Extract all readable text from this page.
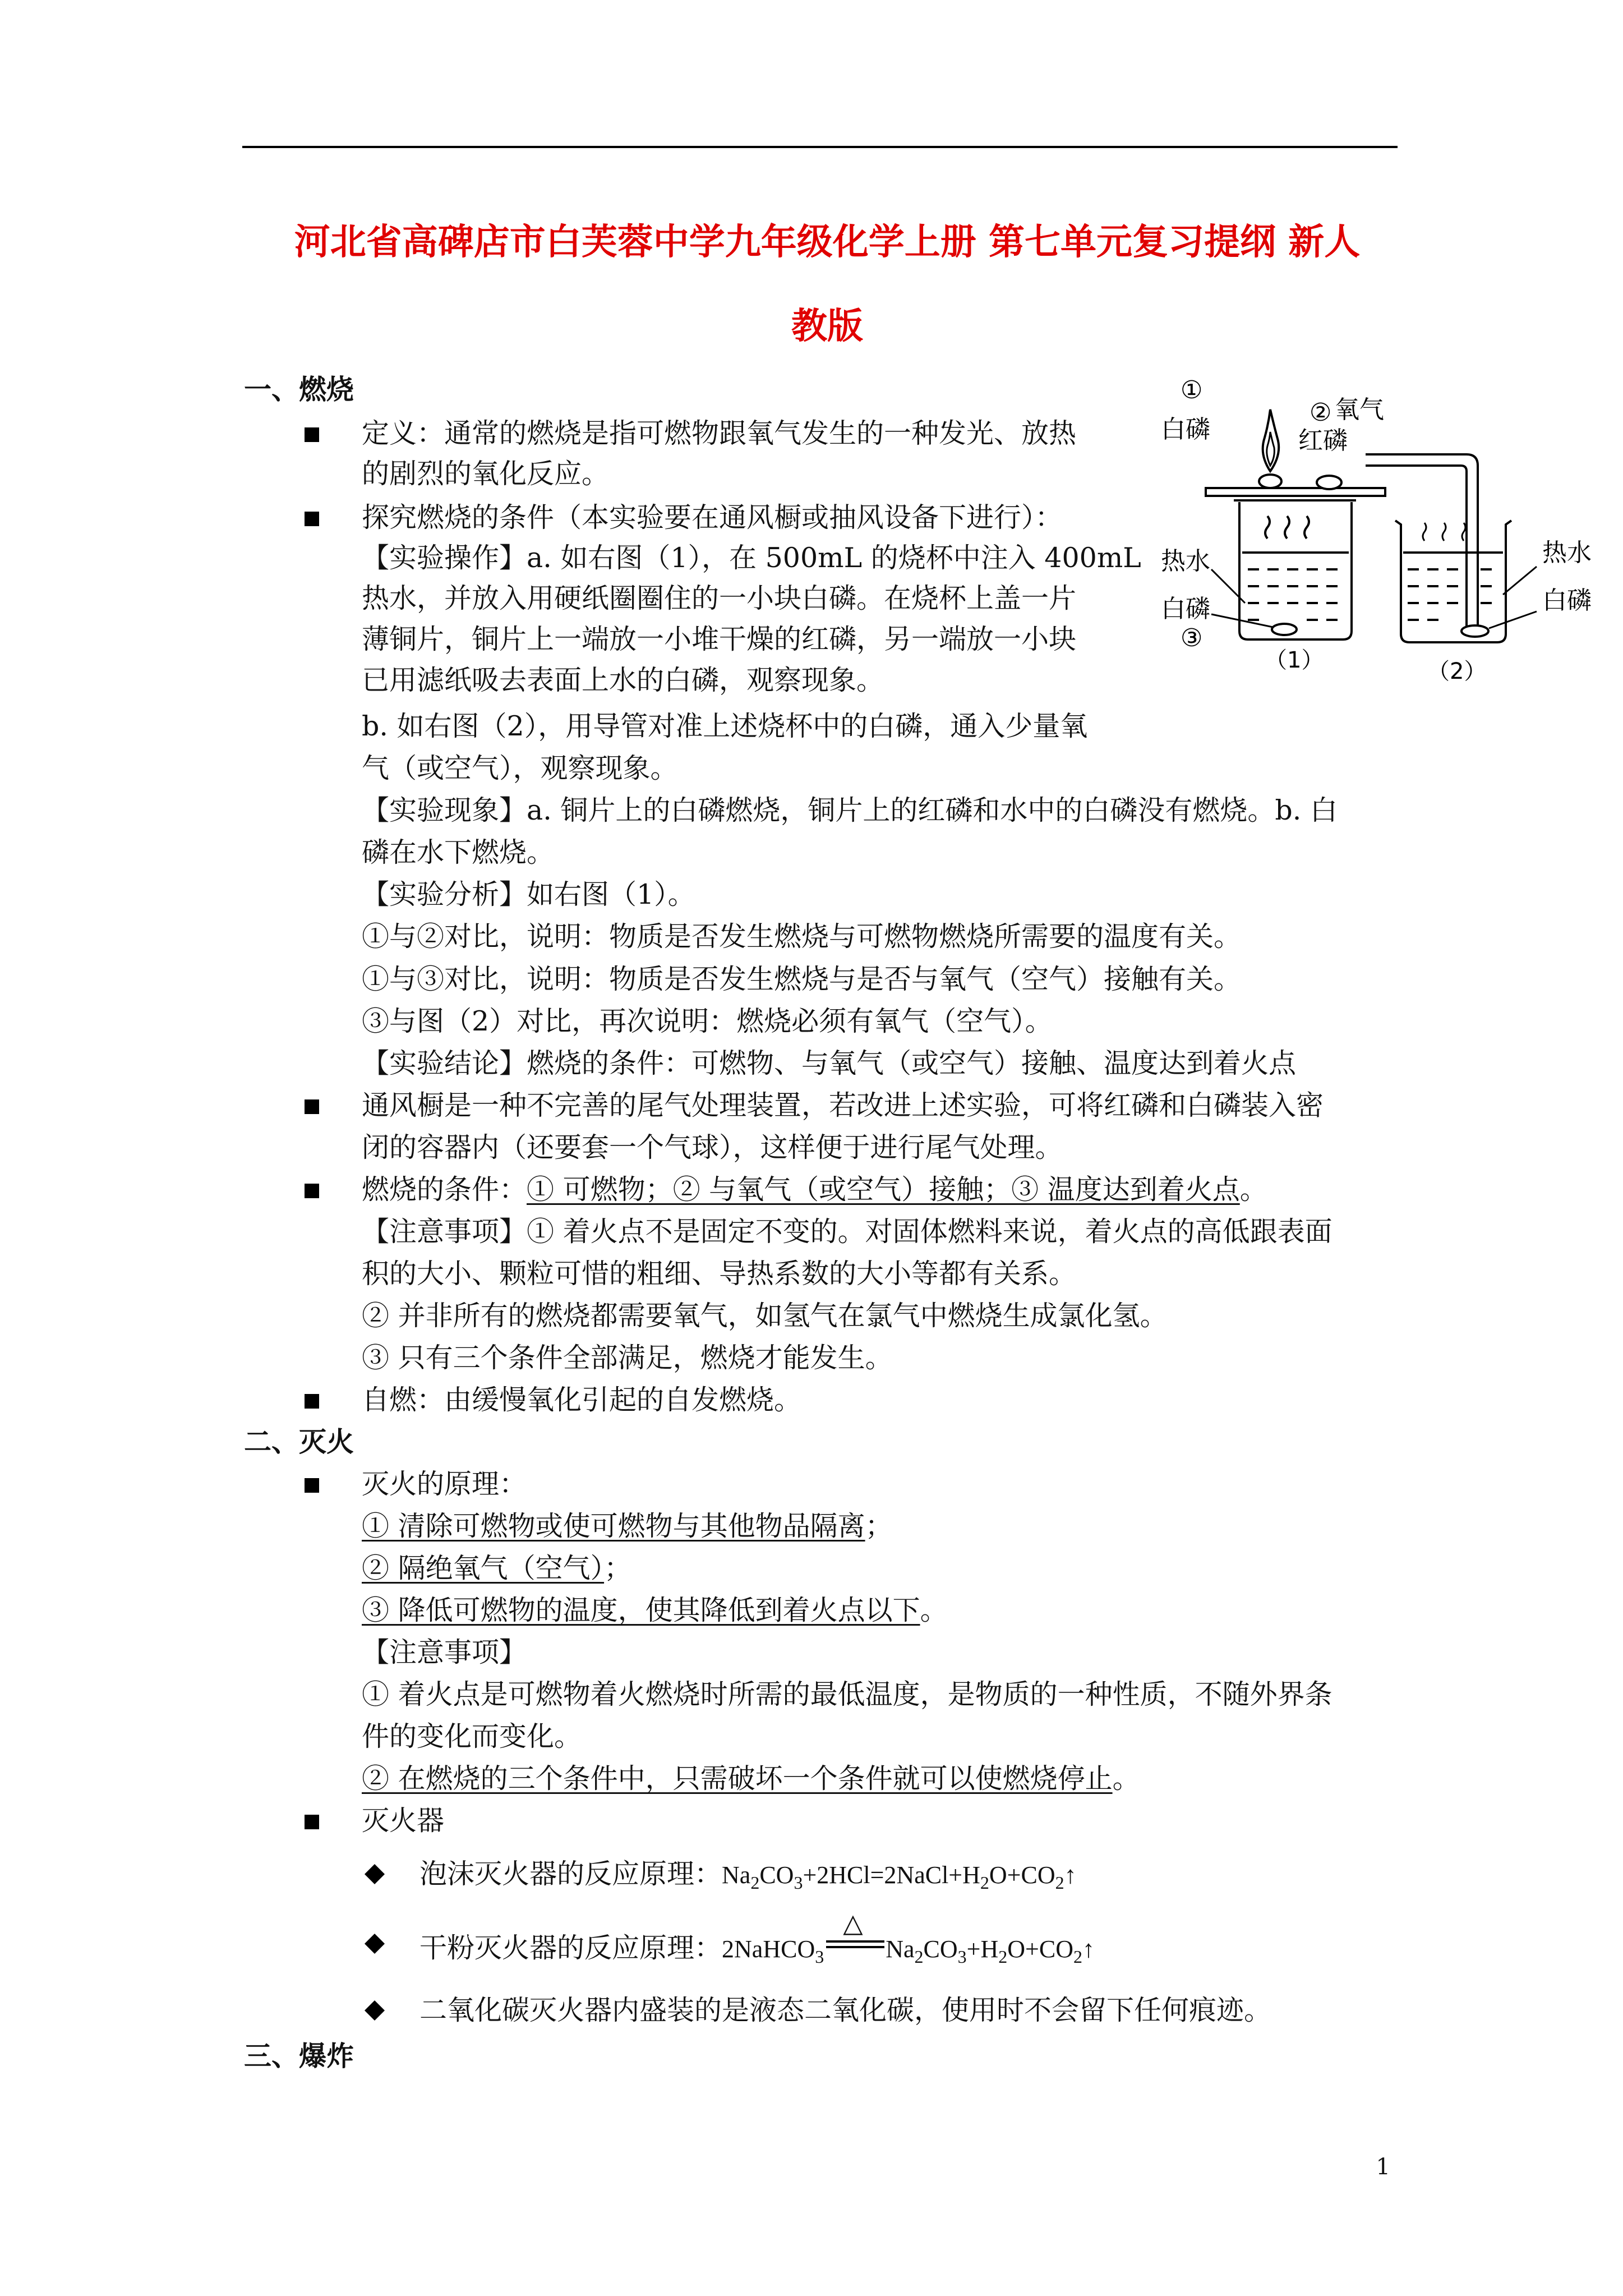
河北省高碑店市白芙蓉中学九年级化学上册 第七单元复习提纲 新人
教版
一、燃烧
定义：通常的燃烧是指可燃物跟氧气发生的一种发光、放热
的剧烈的氧化反应。
探究燃烧的条件（本实验要在通风橱或抽风设备下进行）：
【实验操作】a. 如右图（1），在 500mL 的烧杯中注入 400mL
热水，并放入用硬纸圈圈住的一小块白磷。在烧杯上盖一片
薄铜片，铜片上一端放一小堆干燥的红磷，另一端放一小块
已用滤纸吸去表面上水的白磷，观察现象。
b. 如右图（2），用导管对准上述烧杯中的白磷，通入少量氧
气（或空气），观察现象。
【实验现象】a. 铜片上的白磷燃烧，铜片上的红磷和水中的白磷没有燃烧。b. 白
磷在水下燃烧。
【实验分析】如右图（1）。
①与②对比，说明：物质是否发生燃烧与可燃物燃烧所需要的温度有关。
①与③对比，说明：物质是否发生燃烧与是否与氧气（空气）接触有关。
③与图（2）对比，再次说明：燃烧必须有氧气（空气）。
【实验结论】燃烧的条件：可燃物、与氧气（或空气）接触、温度达到着火点
通风橱是一种不完善的尾气处理装置，若改进上述实验，可将红磷和白磷装入密
闭的容器内（还要套一个气球），这样便于进行尾气处理。
燃烧的条件：① 可燃物；② 与氧气（或空气）接触；③ 温度达到着火点。
【注意事项】① 着火点不是固定不变的。对固体燃料来说，着火点的高低跟表面
积的大小、颗粒可惜的粗细、导热系数的大小等都有关系。
② 并非所有的燃烧都需要氧气，如氢气在氯气中燃烧生成氯化氢。
③ 只有三个条件全部满足，燃烧才能发生。
自燃：由缓慢氧化引起的自发燃烧。
二、灭火
灭火的原理：
① 清除可燃物或使可燃物与其他物品隔离；
② 隔绝氧气（空气）；
③ 降低可燃物的温度，使其降低到着火点以下。
【注意事项】
① 着火点是可燃物着火燃烧时所需的最低温度，是物质的一种性质，不随外界条
件的变化而变化。
② 在燃烧的三个条件中，只需破坏一个条件就可以使燃烧停止。
灭火器
泡沫灭火器的反应原理：$Na_2CO_3+2HCl=2NaCl+H_2O+CO_2↑$
干粉灭火器的反应原理：2NaHCO$_3$
△
$Na_2CO_3+H_2O+CO_2↑$
二氧化碳灭火器内盛装的是液态二氧化碳，使用时不会留下任何痕迹。
三、爆炸
1
①
白磷
②
红磷
氧气
热水
白磷
③
（1）
热水
白磷
（2）
